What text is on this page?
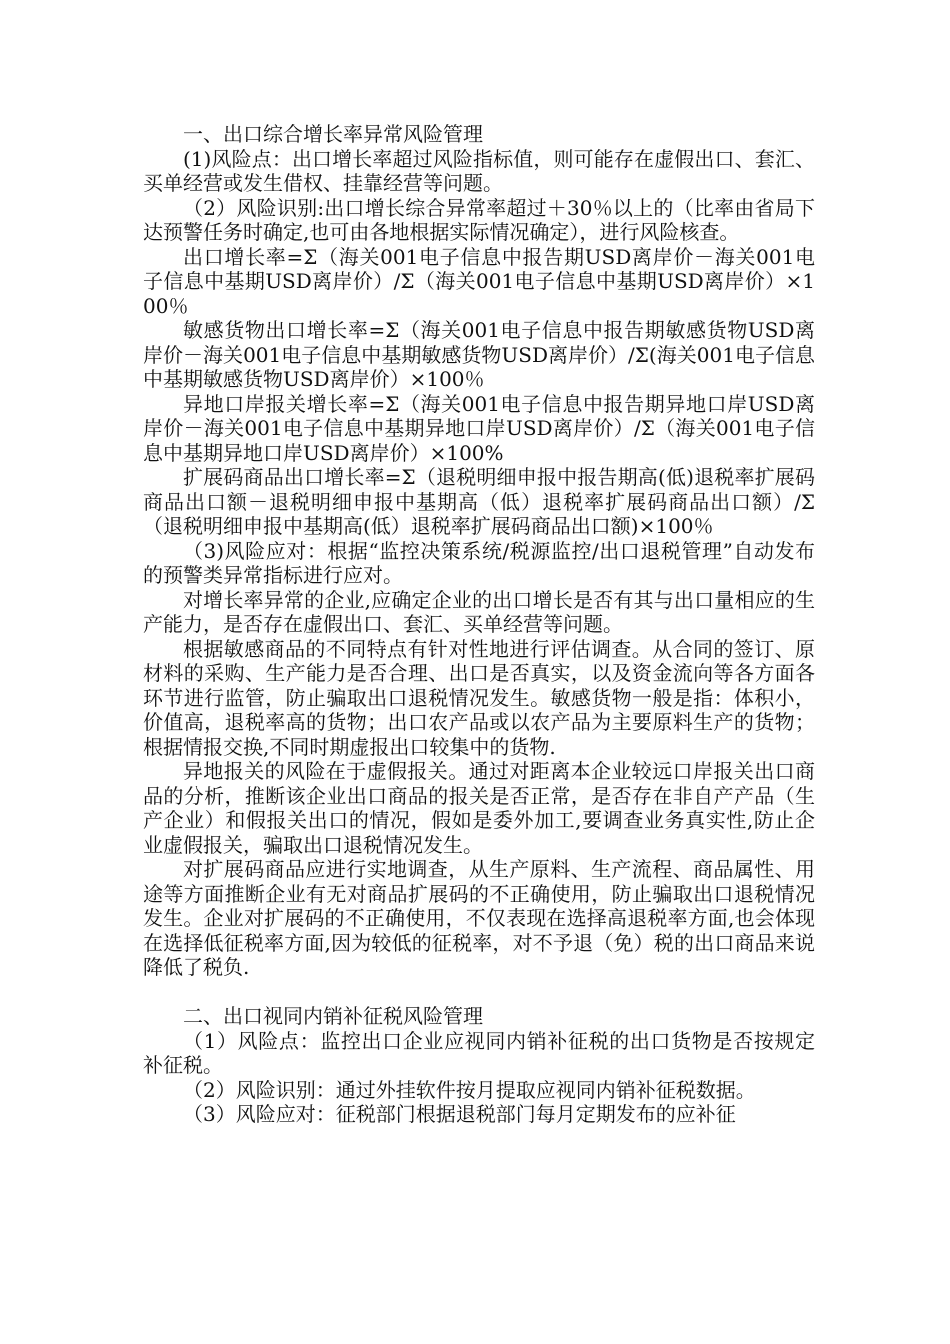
一、出口综合增长率异常风险管理

(1)风险点：出口增长率超过风险指标值，则可能存在虚假出口、套汇、买单经营或发生借权、挂靠经营等问题。

（2）风险识别:出口增长综合异常率超过＋30％以上的（比率由省局下达预警任务时确定,也可由各地根据实际情况确定），进行风险核查。

出口增长率=Σ（海关001电子信息中报告期USD离岸价－海关001电子信息中基期USD离岸价）/Σ（海关001电子信息中基期USD离岸价）×100％

敏感货物出口增长率=Σ（海关001电子信息中报告期敏感货物USD离岸价－海关001电子信息中基期敏感货物USD离岸价）/Σ(海关001电子信息中基期敏感货物USD离岸价）×100％

异地口岸报关增长率=Σ（海关001电子信息中报告期异地口岸USD离岸价－海关001电子信息中基期异地口岸USD离岸价）/Σ（海关001电子信息中基期异地口岸USD离岸价）×100%

扩展码商品出口增长率=Σ（退税明细申报中报告期高(低)退税率扩展码商品出口额－退税明细申报中基期高（低）退税率扩展码商品出口额）/Σ（退税明细申报中基期高(低）退税率扩展码商品出口额)×100％

（3)风险应对：根据“监控决策系统/税源监控/出口退税管理”自动发布的预警类异常指标进行应对。

对增长率异常的企业,应确定企业的出口增长是否有其与出口量相应的生产能力，是否存在虚假出口、套汇、买单经营等问题。

根据敏感商品的不同特点有针对性地进行评估调查。从合同的签订、原材料的采购、生产能力是否合理、出口是否真实，以及资金流向等各方面各环节进行监管，防止骗取出口退税情况发生。敏感货物一般是指：体积小，价值高，退税率高的货物；出口农产品或以农产品为主要原料生产的货物；根据情报交换,不同时期虚报出口较集中的货物.

异地报关的风险在于虚假报关。通过对距离本企业较远口岸报关出口商品的分析，推断该企业出口商品的报关是否正常，是否存在非自产产品（生产企业）和假报关出口的情况，假如是委外加工,要调查业务真实性,防止企业虚假报关，骗取出口退税情况发生。

对扩展码商品应进行实地调查，从生产原料、生产流程、商品属性、用途等方面推断企业有无对商品扩展码的不正确使用，防止骗取出口退税情况发生。企业对扩展码的不正确使用，不仅表现在选择高退税率方面,也会体现在选择低征税率方面,因为较低的征税率，对不予退（免）税的出口商品来说降低了税负.

二、出口视同内销补征税风险管理

（1）风险点：监控出口企业应视同内销补征税的出口货物是否按规定补征税。

（2）风险识别：通过外挂软件按月提取应视同内销补征税数据。

（3）风险应对：征税部门根据退税部门每月定期发布的应补征
